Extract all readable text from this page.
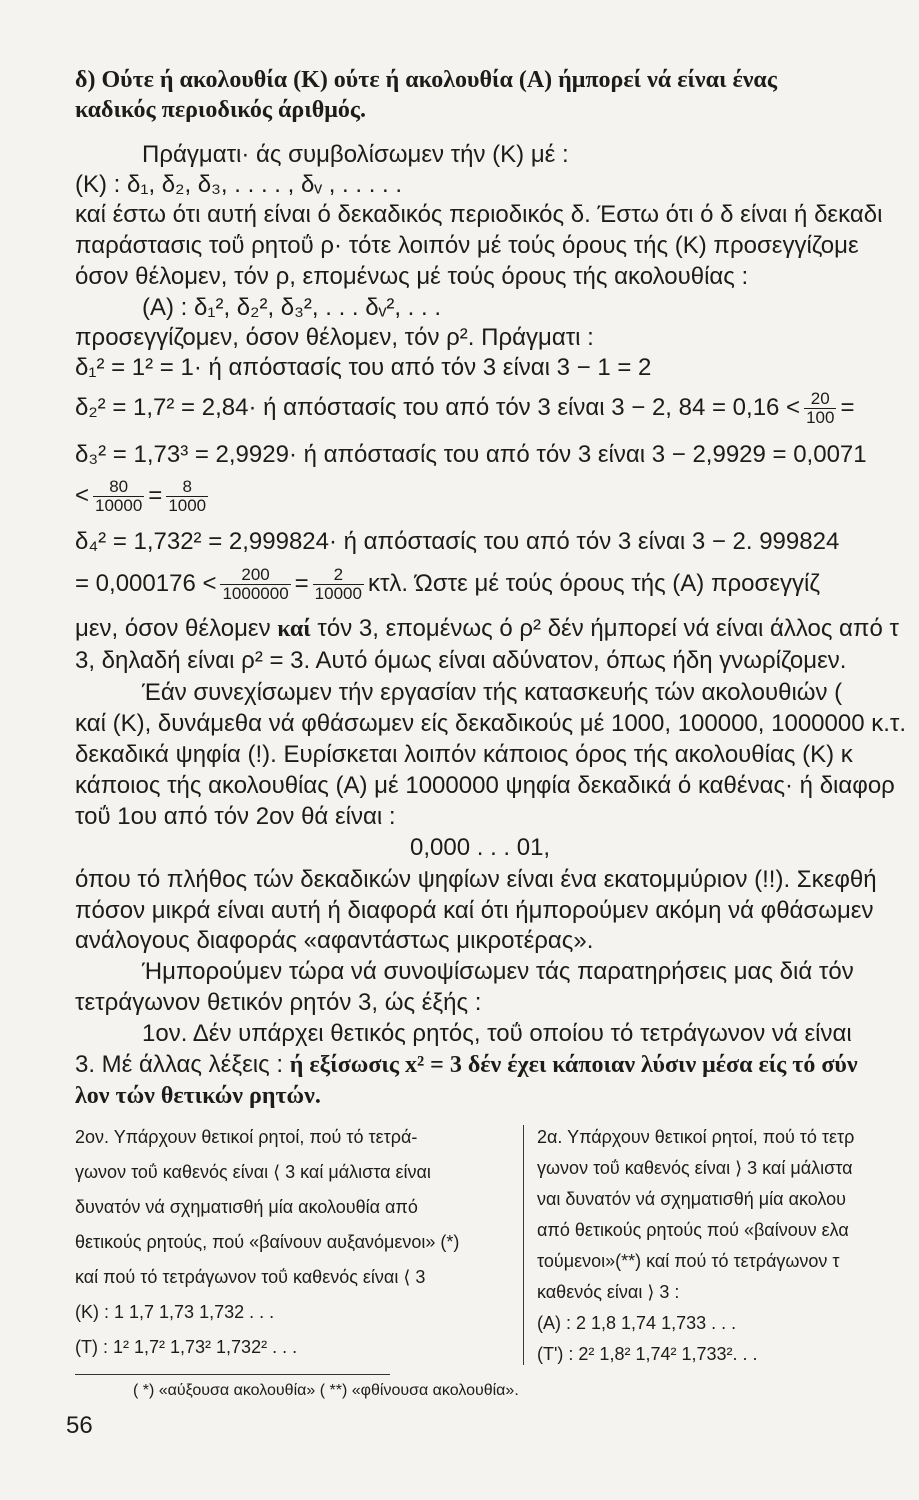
δ) Ούτε ή ακολουθία (Κ) ούτε ή ακολουθία (Α) ήμπορεί νά είναι ένας
καδικός περιοδικός άριθμός.
Πράγματι· άς συμβολίσωμεν τήν (Κ) μέ :
(Κ) : δ₁, δ₂, δ₃, . . . . , δᵥ , . . . . .
καί έστω ότι αυτή είναι ό δεκαδικός περιοδικός δ. Έστω ότι ό δ είναι ή δεκαδι
παράστασις τοΰ ρητοΰ ρ· τότε λοιπόν μέ τούς όρους τής (Κ) προσεγγίζομε
όσον θέλομεν, τόν ρ, επομένως μέ τούς όρους τής ακολουθίας :
(Α) : δ₁², δ₂², δ₃², . . . δᵥ², . . .
προσεγγίζομεν, όσον θέλομεν, τόν ρ². Πράγματι :
δ₁² = 1² = 1· ή απόστασίς του από τόν 3 είναι 3 − 1 = 2
δ₂² = 1,7² = 2,84· ή απόστασίς του από τόν 3 είναι 3 − 2, $84 = 0,16 < \frac{20}{100}$ =
δ₃² = 1,73³ = 2,9929· ή απόστασίς του από τόν 3 είναι 3 − 2,9929 = 0,0071
< $\frac{80}{10000} = \frac{8}{1000}$
δ₄² = 1,732² = 2,999824· ή απόστασίς του από τόν 3 είναι 3 − 2. 999824
= $0,000176 < \frac{200}{1000000} = \frac{2}{10000} \kappa\tau\lambda$. Ώστε μέ τούς όρους τής (Α) προσεγγίζ
μεν, όσον θέλομεν καί τόν 3, επομένως ό ρ² δέν ήμπορεί νά είναι άλλος από τ
3, δηλαδή είναι ρ² = 3. Αυτό όμως είναι αδύνατον, όπως ήδη γνωρίζομεν.
Έάν συνεχίσωμεν τήν εργασίαν τής κατασκευής τών ακολουθιών (
καί (Κ), δυνάμεθα νά φθάσωμεν είς δεκαδικούς μέ 1000, 100000, 1000000 κ.τ.
δεκαδικά ψηφία (!). Ευρίσκεται λοιπόν κάποιος όρος τής ακολουθίας (Κ) κ
κάποιος τής ακολουθίας (Α) μέ 1000000 ψηφία δεκαδικά ό καθένας· ή διαφορ
τοΰ 1ου από τόν 2ον θά είναι :
0,000 . . . 01,
όπου τό πλήθος τών δεκαδικών ψηφίων είναι ένα εκατομμύριον (!!). Σκεφθή
πόσον μικρά είναι αυτή ή διαφορά καί ότι ήμπορούμεν ακόμη νά φθάσωμεν
ανάλογους διαφοράς «αφαντάστως μικροτέρας».
Ήμπορούμεν τώρα νά συνοψίσωμεν τάς παρατηρήσεις μας διά τόν
τετράγωνον θετικόν ρητόν 3, ώς έξής :
1ον. Δέν υπάρχει θετικός ρητός, τοΰ οποίου τό τετράγωνον νά είναι
3. Μέ άλλας λέξεις : ή εξίσωσις x² = 3 δέν έχει κάποιαν λύσιν μέσα είς τό σύν
λον τών θετικών ρητών.
2ον. Υπάρχουν θετικοί ρητοί, πού τό τετρά-
γωνον τοΰ καθενός είναι ⟨ 3 καί μάλιστα είναι
δυνατόν νά σχηματισθή μία ακολουθία από
θετικούς ρητούς, πού «βαίνουν αυξανόμενοι» (*)
καί πού τό τετράγωνον τοΰ καθενός είναι ⟨ 3
(Κ) : 1 1,7 1,73 1,732 . . .
(Τ) : 1² 1,7² 1,73² 1,732² . . .
2α. Υπάρχουν θετικοί ρητοί, πού τό τετρ
γωνον τοΰ καθενός είναι ⟩ 3 καί μάλιστα
ναι δυνατόν νά σχηματισθή μία ακολου
από θετικούς ρητούς πού «βαίνουν ελα
τούμενοι»(**) καί πού τό τετράγωνον τ
καθενός είναι ⟩ 3 :
(Α) : 2 1,8 1,74 1,733 . . .
(Τ') : 2² 1,8² 1,74² 1,733². . .
( *) «αύξουσα ακολουθία» ( **) «φθίνουσα ακολουθία».
56
